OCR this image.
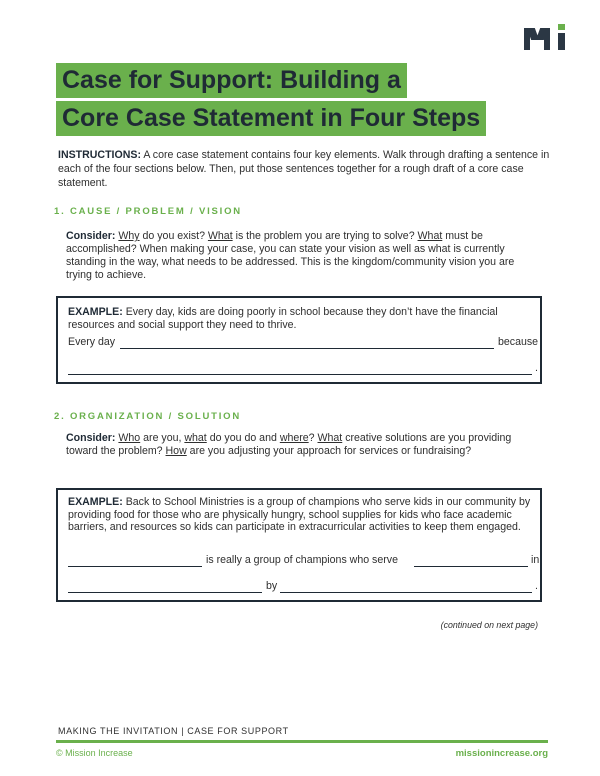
Case for Support: Building a
Core Case Statement in Four Steps
INSTRUCTIONS: A core case statement contains four key elements. Walk through drafting a sentence in each of the four sections below. Then, put those sentences together for a rough draft of a core case statement.
1. CAUSE / PROBLEM / VISION
Consider: Why do you exist? What is the problem you are trying to solve? What must be accomplished? When making your case, you can state your vision as well as what is currently standing in the way, what needs to be addressed. This is the kingdom/community vision you are trying to achieve.
EXAMPLE: Every day, kids are doing poorly in school because they don’t have the financial resources and social support they need to thrive.
Every day	because
.
2. ORGANIZATION / SOLUTION
Consider: Who are you, what do you do and where? What creative solutions are you providing toward the problem? How are you adjusting your approach for services or fundraising?
EXAMPLE: Back to School Ministries is a group of champions who serve kids in our community by providing food for those who are physically hungry, school supplies for kids who face academic barriers, and resources so kids can participate in extracurricular activities to keep them engaged.
is really a group of champions who serve	in
by	.
(continued on next page)
MAKING THE INVITATION | CASE FOR SUPPORT
© Mission Increase	missionincrease.org
